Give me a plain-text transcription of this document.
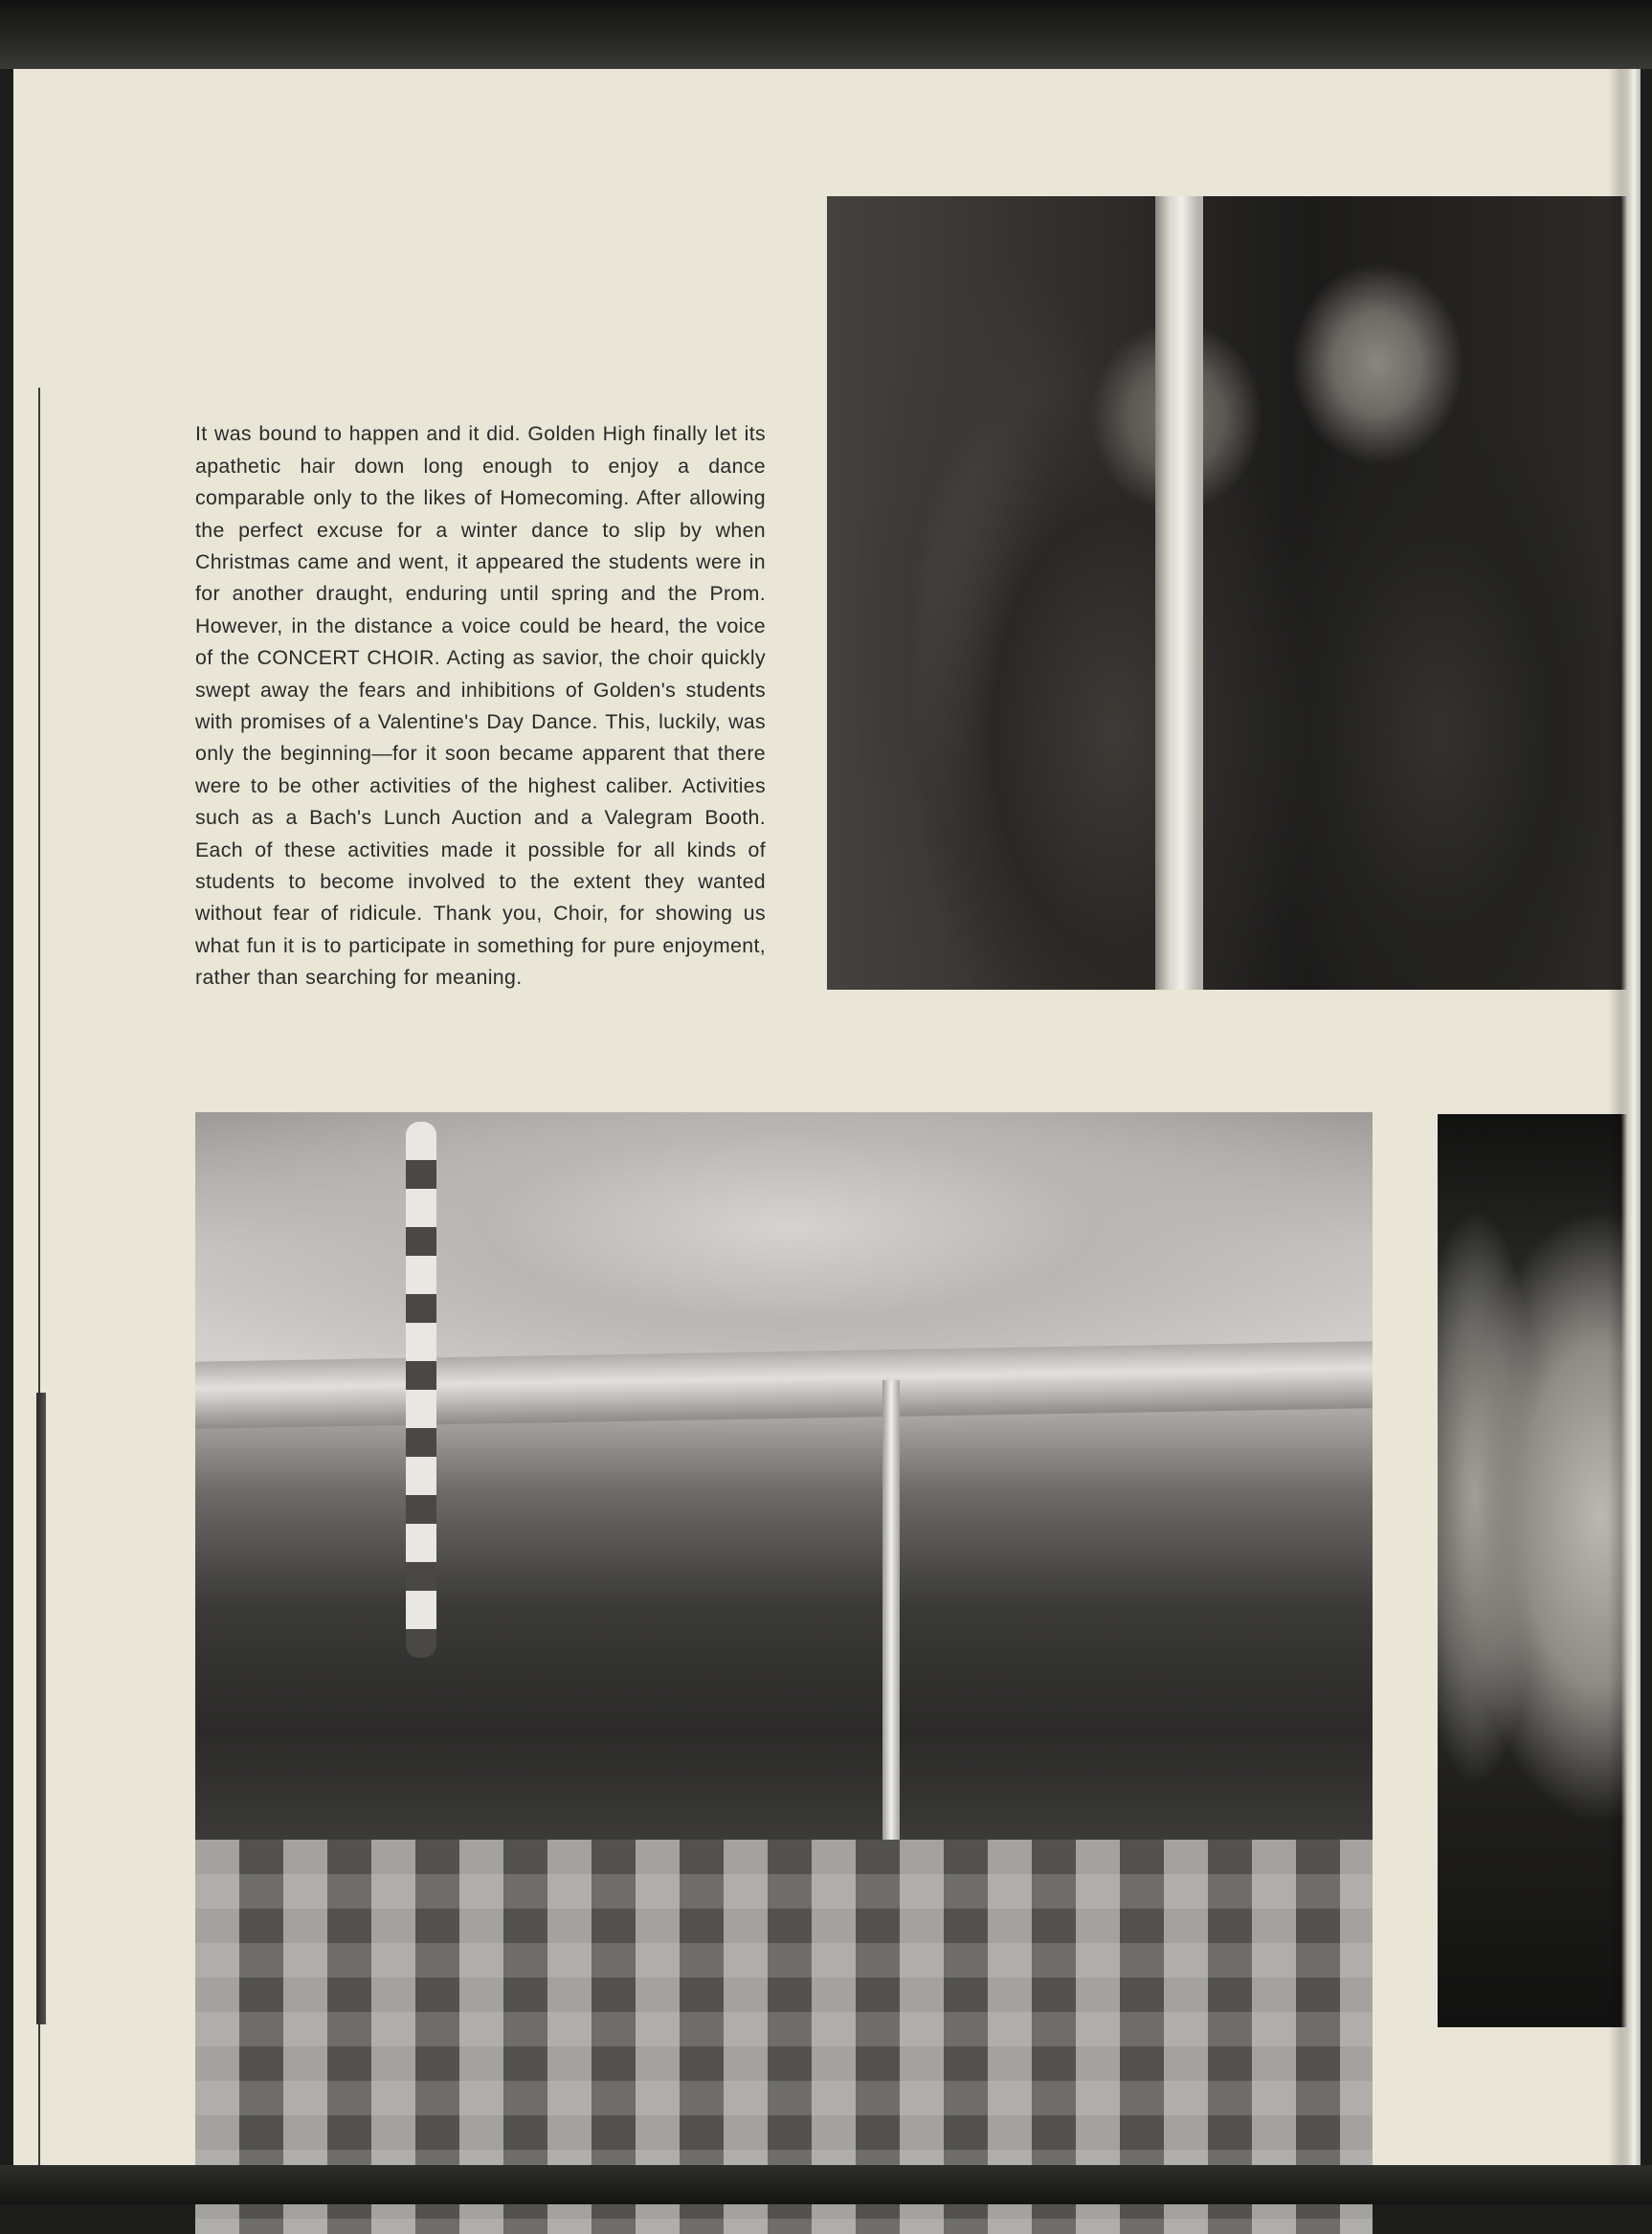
It was bound to happen and it did. Golden High finally let its apathetic hair down long enough to enjoy a dance comparable only to the likes of Homecoming. After allowing the perfect excuse for a winter dance to slip by when Christmas came and went, it appeared the students were in for another draught, enduring until spring and the Prom. However, in the distance a voice could be heard, the voice of the CONCERT CHOIR. Acting as savior, the choir quickly swept away the fears and inhibitions of Golden's students with promises of a Valentine's Day Dance. This, luckily, was only the beginning—for it soon became apparent that there were to be other activities of the highest caliber. Activities such as a Bach's Lunch Auction and a Valegram Booth. Each of these activities made it possible for all kinds of students to become involved to the extent they wanted without fear of ridicule. Thank you, Choir, for showing us what fun it is to participate in something for pure enjoyment, rather than searching for meaning.
